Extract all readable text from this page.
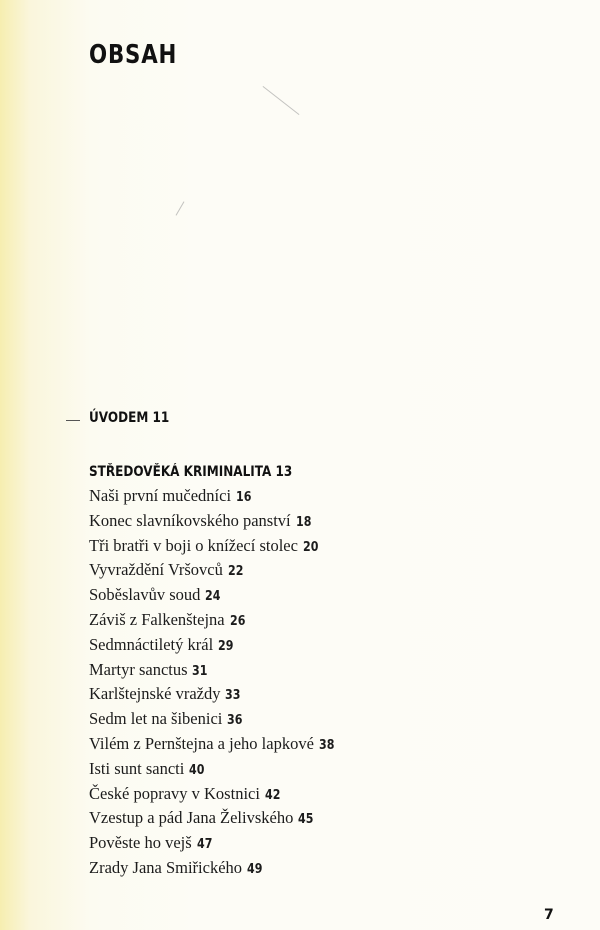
OBSAH
ÚVODEM 11
STŘEDOVĚKÁ KRIMINALITA 13
Naši první mučedníci 16
Konec slavníkovského panství 18
Tři bratři v boji o knížecí stolec 20
Vyvraždění Vršovců 22
Soběslavův soud 24
Záviš z Falkenštejna 26
Sedmnáctiletý král 29
Martyr sanctus 31
Karlštejnské vraždy 33
Sedm let na šibenici 36
Vilém z Pernštejna a jeho lapkové 38
Isti sunt sancti 40
České popravy v Kostnici 42
Vzestup a pád Jana Želivského 45
Pověste ho vejš 47
Zrady Jana Smiřického 49
7
